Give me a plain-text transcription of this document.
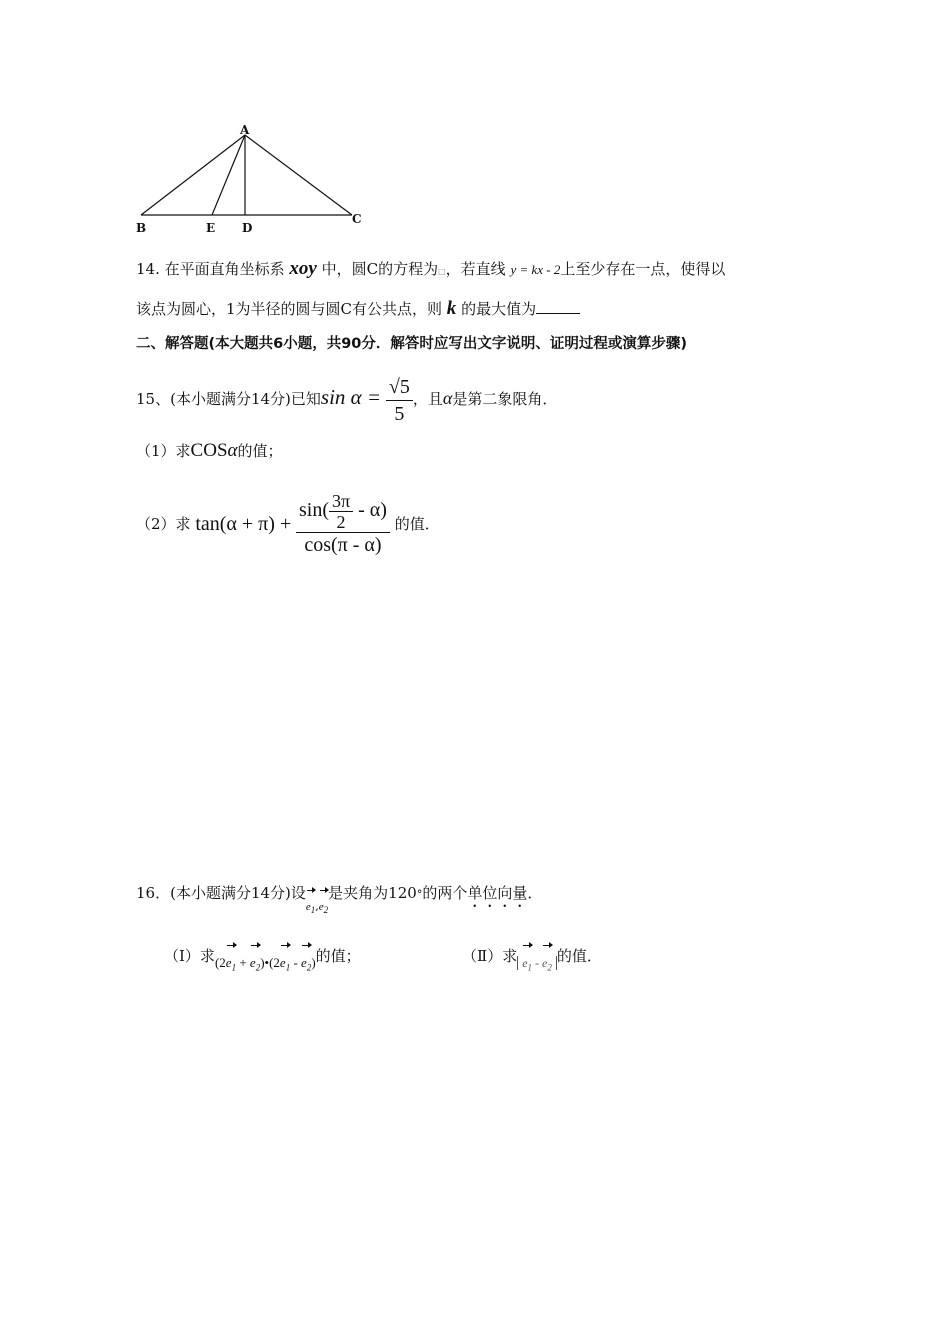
A
B	E D
C
14. 在平面直角坐标系 xoy 中，圆C的方程为□，若直线 y = kx - 2上至少存在一点，使得以
该点为圆心，1为半径的圆与圆C有公共点，则 k 的最大值为
二、解答题(本大题共6小题，共90分．解答时应写出文字说明、证明过程或演算步骤)
15、(本小题满分14分)已知$\sin \alpha = \frac{√5}{5}$ ，且α是第二象限角．
（1）求COSα的值；
（2）求 $\tan(\alpha + \pi) + \frac{\sin( \frac{3\pi}{2} - \alpha)}{\cos(\pi - \alpha)}$ 的值．
16．(本小题满分14分)设$e_1,e_2$是夹角为120°的两个单位向量．
（Ⅰ）求($2e_1$ + $e_2)•(2e_1 - e_2)$的值；	（Ⅱ）求 $_{e_1 - e_2}$的值．
